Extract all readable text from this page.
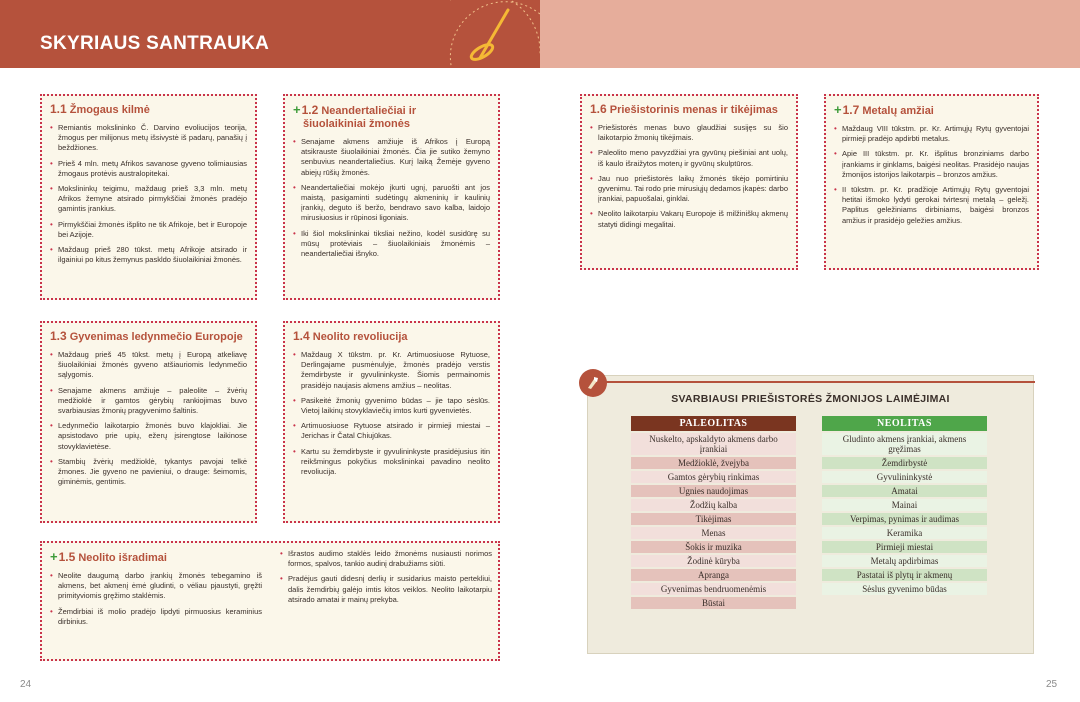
SKYRIAUS SANTRAUKA
1.1 Žmogaus kilmė
• Remiantis mokslininko Č. Darvino evoliucijos teorija, žmogus per milijonus metų išsivystė iš padarų, panašių į beždžiones.
• Prieš 4 mln. metų Afrikos savanose gyveno tolimiausias žmogaus protėvis australopitekai.
• Mokslininkų teigimu, maždaug prieš 3,3 mln. metų Afrikos žemyne atsirado pirmykščiai žmonės pradėjo gamintis įrankius.
• Pirmykščiai žmonės išplito ne tik Afrikoje, bet ir Europoje bei Azijoje.
• Maždaug prieš 280 tūkst. metų Afrikoje atsirado ir ilgainiui po kitus žemynus paskldo šiuolaikiniai žmonės.
+1.2 Neandertaliečiai ir
šiuolaikiniai žmonės
• Senajame akmens amžiuje iš Afrikos į Europą atsikrauste šiuolaikiniai žmonės. Čia jie sutiko žemyno senbuvius neandertaliečius. Kurį laiką Žemėje gyveno abiejų rūšių žmonės.
• Neandertaliečiai mokėjo įkurti ugnį, paruošti ant jos maistą, pasigaminti sudėtingų akmeninių ir kaulinių įrankių, deguto iš beržo, bendravo savo kalba, laidojo mirusiuosius ir rūpinosi ligoniais.
• Iki šiol mokslininkai tiksliai nežino, kodėl susidūrę su mūsų protėviais – šiuolaikiniais žmonėmis – neandertaliečiai išnyko.
1.3 Gyvenimas ledynmečio Europoje
• Maždaug prieš 45 tūkst. metų į Europą atkeliavę šiuolaikiniai žmonės gyveno atšiauriomis ledynmečio sąlygomis.
• Senajame akmens amžiuje – paleolite – žvėrių medžioklė ir gamtos gėrybių rankiojimas buvo svarbiausias žmonių pragyvenimo šaltinis.
• Ledynmečio laikotarpio žmonės buvo klajokliai. Jie apsistodavo prie upių, ežerų įsirengtose laikinose stovyklavietėse.
• Stambių žvėrių medžioklė, tykantys pavojai telkė žmones. Jie gyveno ne pavieniui, o drauge: šeimomis, giminėmis, gentimis.
1.4 Neolito revoliucija
• Maždaug X tūkstm. pr. Kr. Artimuosiuose Rytuose, Derlingajame pusmėnulyje, žmonės pradėjo verstis žemdirbyste ir gyvulininkyste. Šiomis permainomis prasidėjo naujasis akmens amžius – neolitas.
• Pasikeitė žmonių gyvenimo būdas – jie tapo sėslūs. Vietoj laikinų stovyklaviečių imtos kurti gyvenvietės.
• Artimuosiuose Rytuose atsirado ir pirmieji miestai – Jerichas ir Čatal Chiujūkas.
• Kartu su žemdirbyste ir gyvulininkyste prasidėjusius itin reikšmingus pokyčius mokslininkai pavadino neolito revoliucija.
+1.5 Neolito išradimai
• Neolite daugumą darbo įrankių žmonės tebegamino iš akmens, bet akmenį ėmė gludinti, o vėliau pjaustyti, gręžti primityviomis gręžimo staklėmis.
• Žemdirbiai iš molio pradėjo lipdyti pirmuosius keraminius dirbinius.
• Išrastos audimo staklės leido žmonėms nusiausti norimos formos, spalvos, tankio audinį drabužiams siūti.
• Pradėjus gauti didesnį derlių ir susidarius maisto pertekliui, dalis žemdirbių galėjo imtis kitos veiklos. Neolito laikotarpiu atsirado amatai ir mainų prekyba.
1.6 Priešistorinis menas ir tikėjimas
• Priešistorės menas buvo glaudžiai susijęs su šio laikotarpio žmonių tikėjimais.
• Paleolito meno pavyzdžiai yra gyvūnų piešiniai ant uolų, iš kaulo išraižytos moterų ir gyvūnų skulptūros.
• Jau nuo priešistorės laikų žmonės tikėjo pomirtiniu gyvenimu. Tai rodo prie mirusiųjų dedamos įkapės: darbo įrankiai, papuošalai, ginklai.
• Neolito laikotarpiu Vakarų Europoje iš milžiniškų akmenų statyti didingi megalitai.
+1.7 Metalų amžiai
• Maždaug VIII tūkstm. pr. Kr. Artimųjų Rytų gyventojai pirmieji pradėjo apdirbti metalus.
• Apie III tūkstm. pr. Kr. išplitus bronziniams darbo įrankiams ir ginklams, baigėsi neolitas. Prasidėjo naujas žmonijos istorijos laikotarpis – bronzos amžius.
• II tūkstm. pr. Kr. pradžioje Artimųjų Rytų gyventojai hetitai išmoko lydyti gerokai tvirtesnį metalą – geležį. Paplitus geležiniams dirbiniams, baigėsi bronzos amžius ir prasidėjo geležies amžius.
SVARBIAUSI PRIEŠISTORĖS ŽMONIJOS LAIMĖJIMAI
PALEOLITAS
Nuskelto, apskaldyto akmens darbo įrankiai
Medžioklė, žvejyba
Gamtos gėrybių rinkimas
Ugnies naudojimas
Žodžių kalba
Tikėjimas
Menas
Šokis ir muzika
Žodinė kūryba
Apranga
Gyvenimas bendruomenėmis
Būstai
NEOLITAS
Gludinto akmens įrankiai, akmens gręžimas
Žemdirbystė
Gyvulininkystė
Amatai
Mainai
Verpimas, pynimas ir audimas
Keramika
Pirmieji miestai
Metalų apdirbimas
Pastatai iš plytų ir akmenų
Sėslus gyvenimo būdas
24	25
